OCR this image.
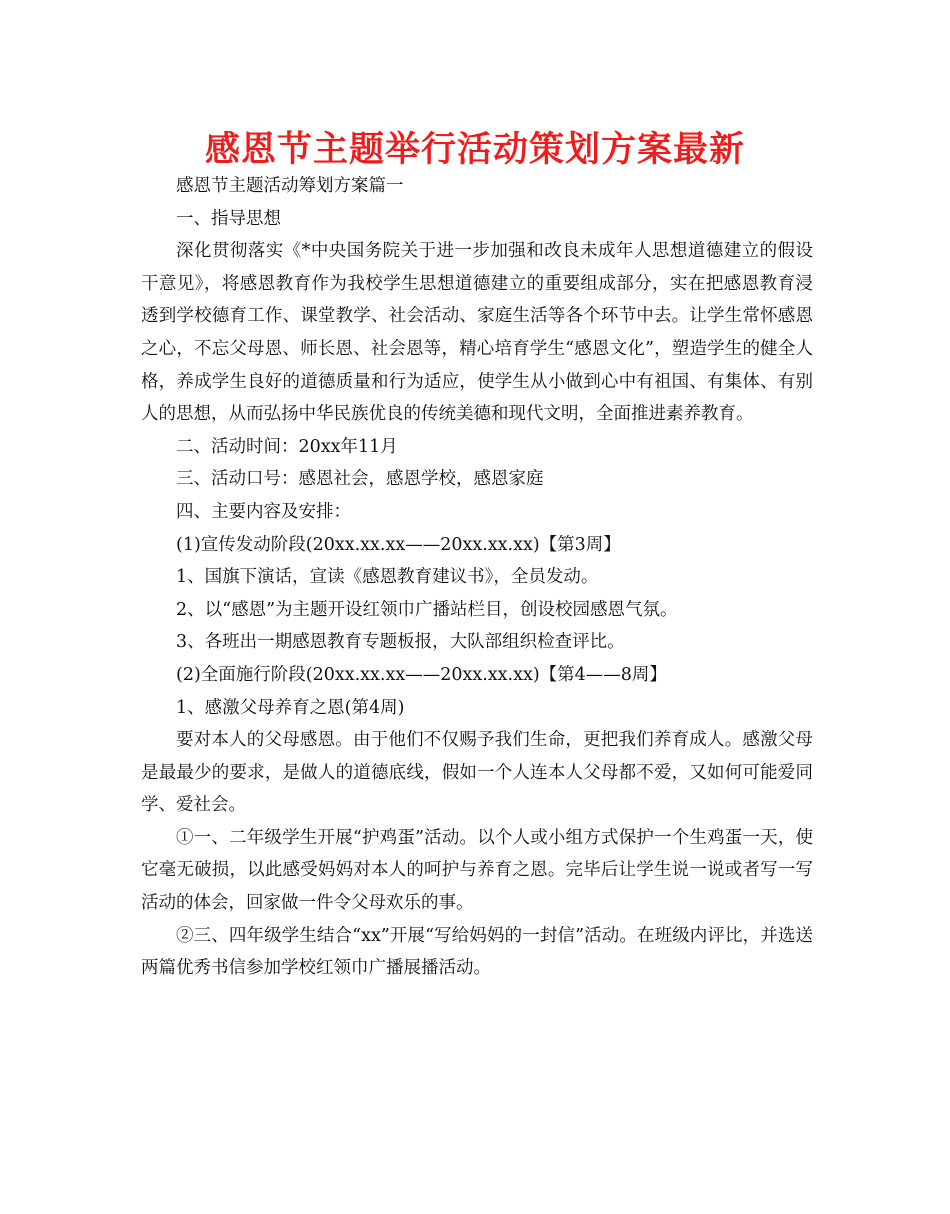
感恩节主题举行活动策划方案最新

感恩节主题活动筹划方案篇一

一、指导思想

深化贯彻落实《*中央国务院关于进一步加强和改良未成年人思想道德建立的假设干意见》，将感恩教育作为我校学生思想道德建立的重要组成部分，实在把感恩教育浸透到学校德育工作、课堂教学、社会活动、家庭生活等各个环节中去。让学生常怀感恩之心，不忘父母恩、师长恩、社会恩等，精心培育学生“感恩文化”，塑造学生的健全人格，养成学生良好的道德质量和行为适应，使学生从小做到心中有祖国、有集体、有别人的思想，从而弘扬中华民族优良的传统美德和现代文明，全面推进素养教育。

二、活动时间：20xx年11月

三、活动口号：感恩社会，感恩学校，感恩家庭

四、主要内容及安排：

(1)宣传发动阶段(20xx.xx.xx——20xx.xx.xx)【第3周】

1、国旗下演话，宣读《感恩教育建议书》，全员发动。

2、以“感恩”为主题开设红领巾广播站栏目，创设校园感恩气氛。

3、各班出一期感恩教育专题板报，大队部组织检查评比。

(2)全面施行阶段(20xx.xx.xx——20xx.xx.xx)【第4——8周】

1、感激父母养育之恩(第4周)

要对本人的父母感恩。由于他们不仅赐予我们生命，更把我们养育成人。感激父母是最最少的要求，是做人的道德底线，假如一个人连本人父母都不爱，又如何可能爱同学、爱社会。

①一、二年级学生开展“护鸡蛋”活动。以个人或小组方式保护一个生鸡蛋一天，使它毫无破损，以此感受妈妈对本人的呵护与养育之恩。完毕后让学生说一说或者写一写活动的体会，回家做一件令父母欢乐的事。

②三、四年级学生结合“xx”开展“写给妈妈的一封信”活动。在班级内评比，并选送两篇优秀书信参加学校红领巾广播展播活动。
